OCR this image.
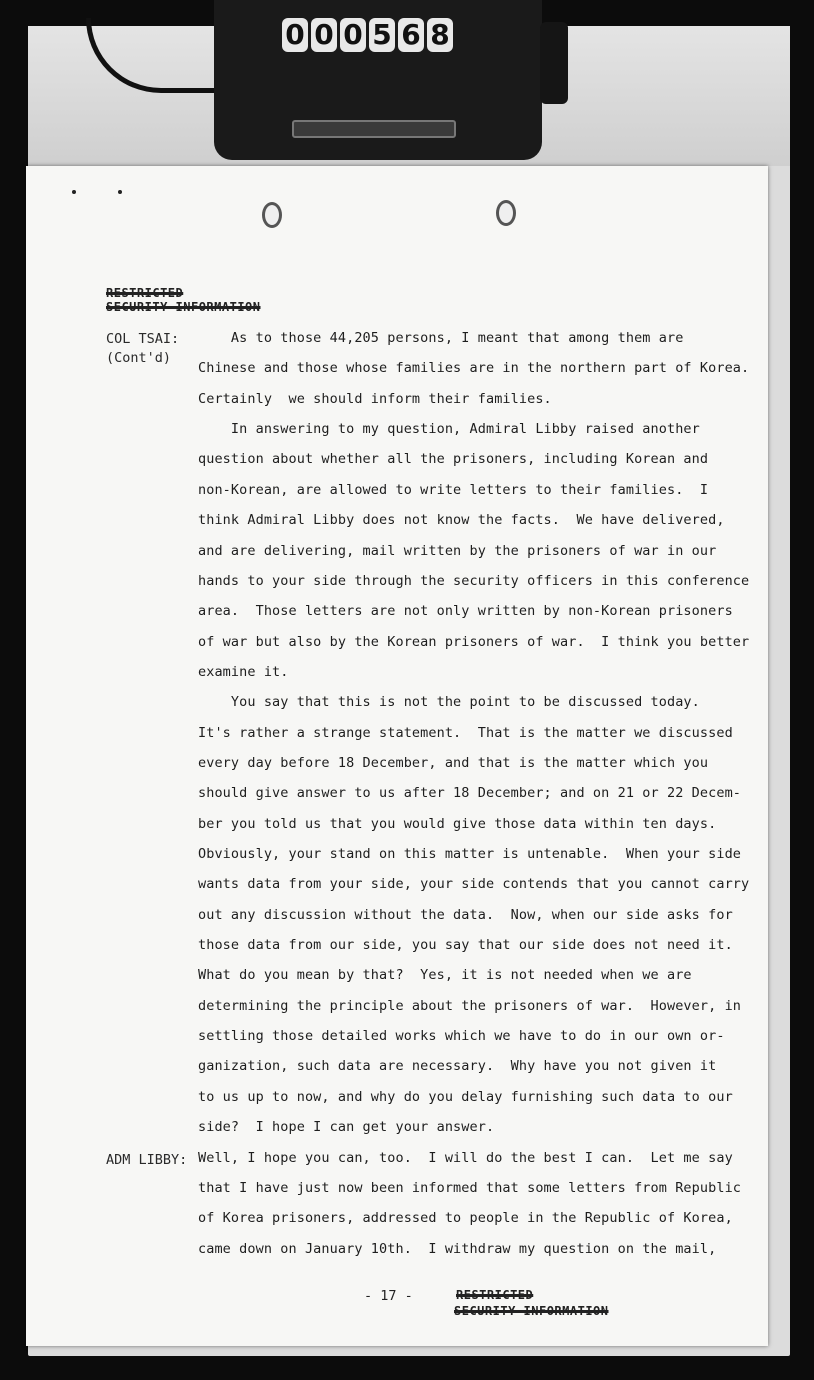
0 0 0 5 6 8
RESTRICTED
SECURITY INFORMATION
COL TSAI:
(Cont'd)
ADM LIBBY:
As to those 44,205 persons, I meant that among them are
Chinese and those whose families are in the northern part of Korea.
Certainly  we should inform their families.
In answering to my question, Admiral Libby raised another
question about whether all the prisoners, including Korean and
non-Korean, are allowed to write letters to their families.  I
think Admiral Libby does not know the facts.  We have delivered,
and are delivering, mail written by the prisoners of war in our
hands to your side through the security officers in this conference
area.  Those letters are not only written by non-Korean prisoners
of war but also by the Korean prisoners of war.  I think you better
examine it.
You say that this is not the point to be discussed today.
It's rather a strange statement.  That is the matter we discussed
every day before 18 December, and that is the matter which you
should give answer to us after 18 December; and on 21 or 22 Decem-
ber you told us that you would give those data within ten days.
Obviously, your stand on this matter is untenable.  When your side
wants data from your side, your side contends that you cannot carry
out any discussion without the data.  Now, when our side asks for
those data from our side, you say that our side does not need it.
What do you mean by that?  Yes, it is not needed when we are
determining the principle about the prisoners of war.  However, in
settling those detailed works which we have to do in our own or-
ganization, such data are necessary.  Why have you not given it
to us up to now, and why do you delay furnishing such data to our
side?  I hope I can get your answer.
Well, I hope you can, too.  I will do the best I can.  Let me say
that I have just now been informed that some letters from Republic
of Korea prisoners, addressed to people in the Republic of Korea,
came down on January 10th.  I withdraw my question on the mail,
- 17 -	RESTRICTED
SECURITY INFORMATION
